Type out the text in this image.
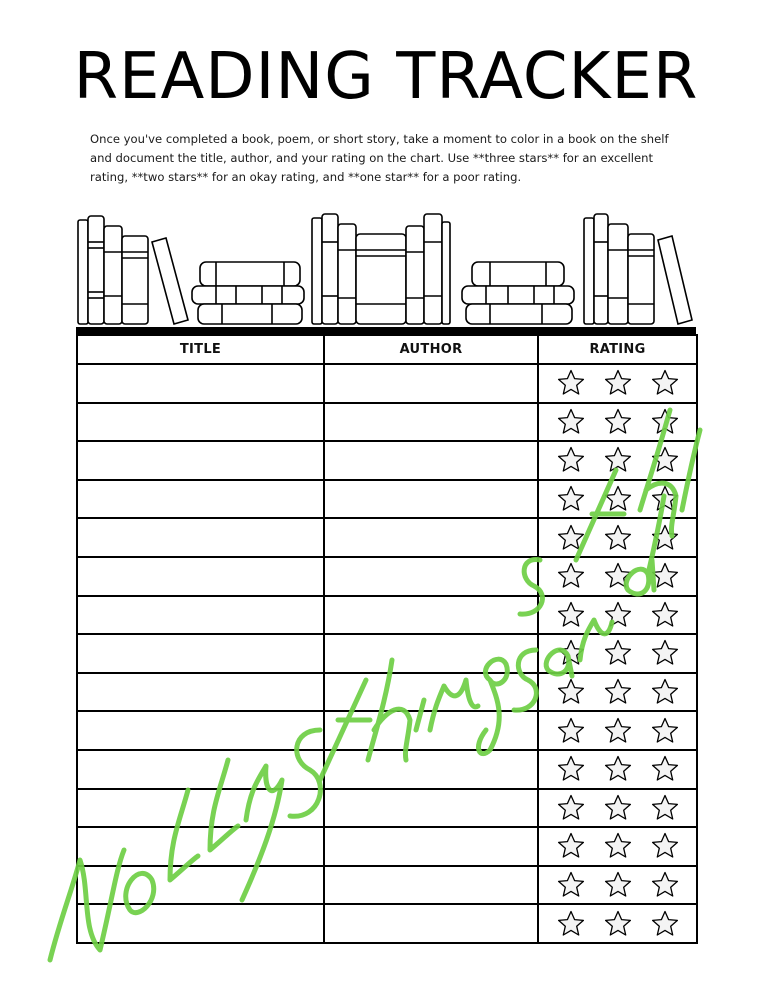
READING TRACKER

Once you've completed a book, poem, or short story, take a moment to color in a book on the shelf and document the title, author, and your rating on the chart. Use **three stars** for an excellent rating, **two stars** for an okay rating, and **one star** for a poor rating.

TITLE	AUTHOR	RATING
